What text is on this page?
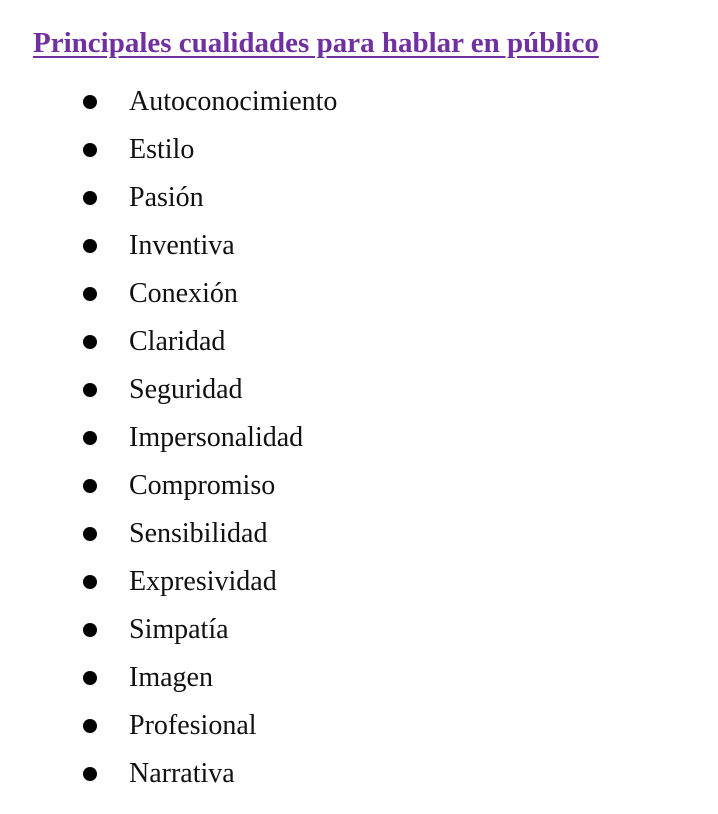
Principales cualidades para hablar en público
Autoconocimiento
Estilo
Pasión
Inventiva
Conexión
Claridad
Seguridad
Impersonalidad
Compromiso
Sensibilidad
Expresividad
Simpatía
Imagen
Profesional
Narrativa
